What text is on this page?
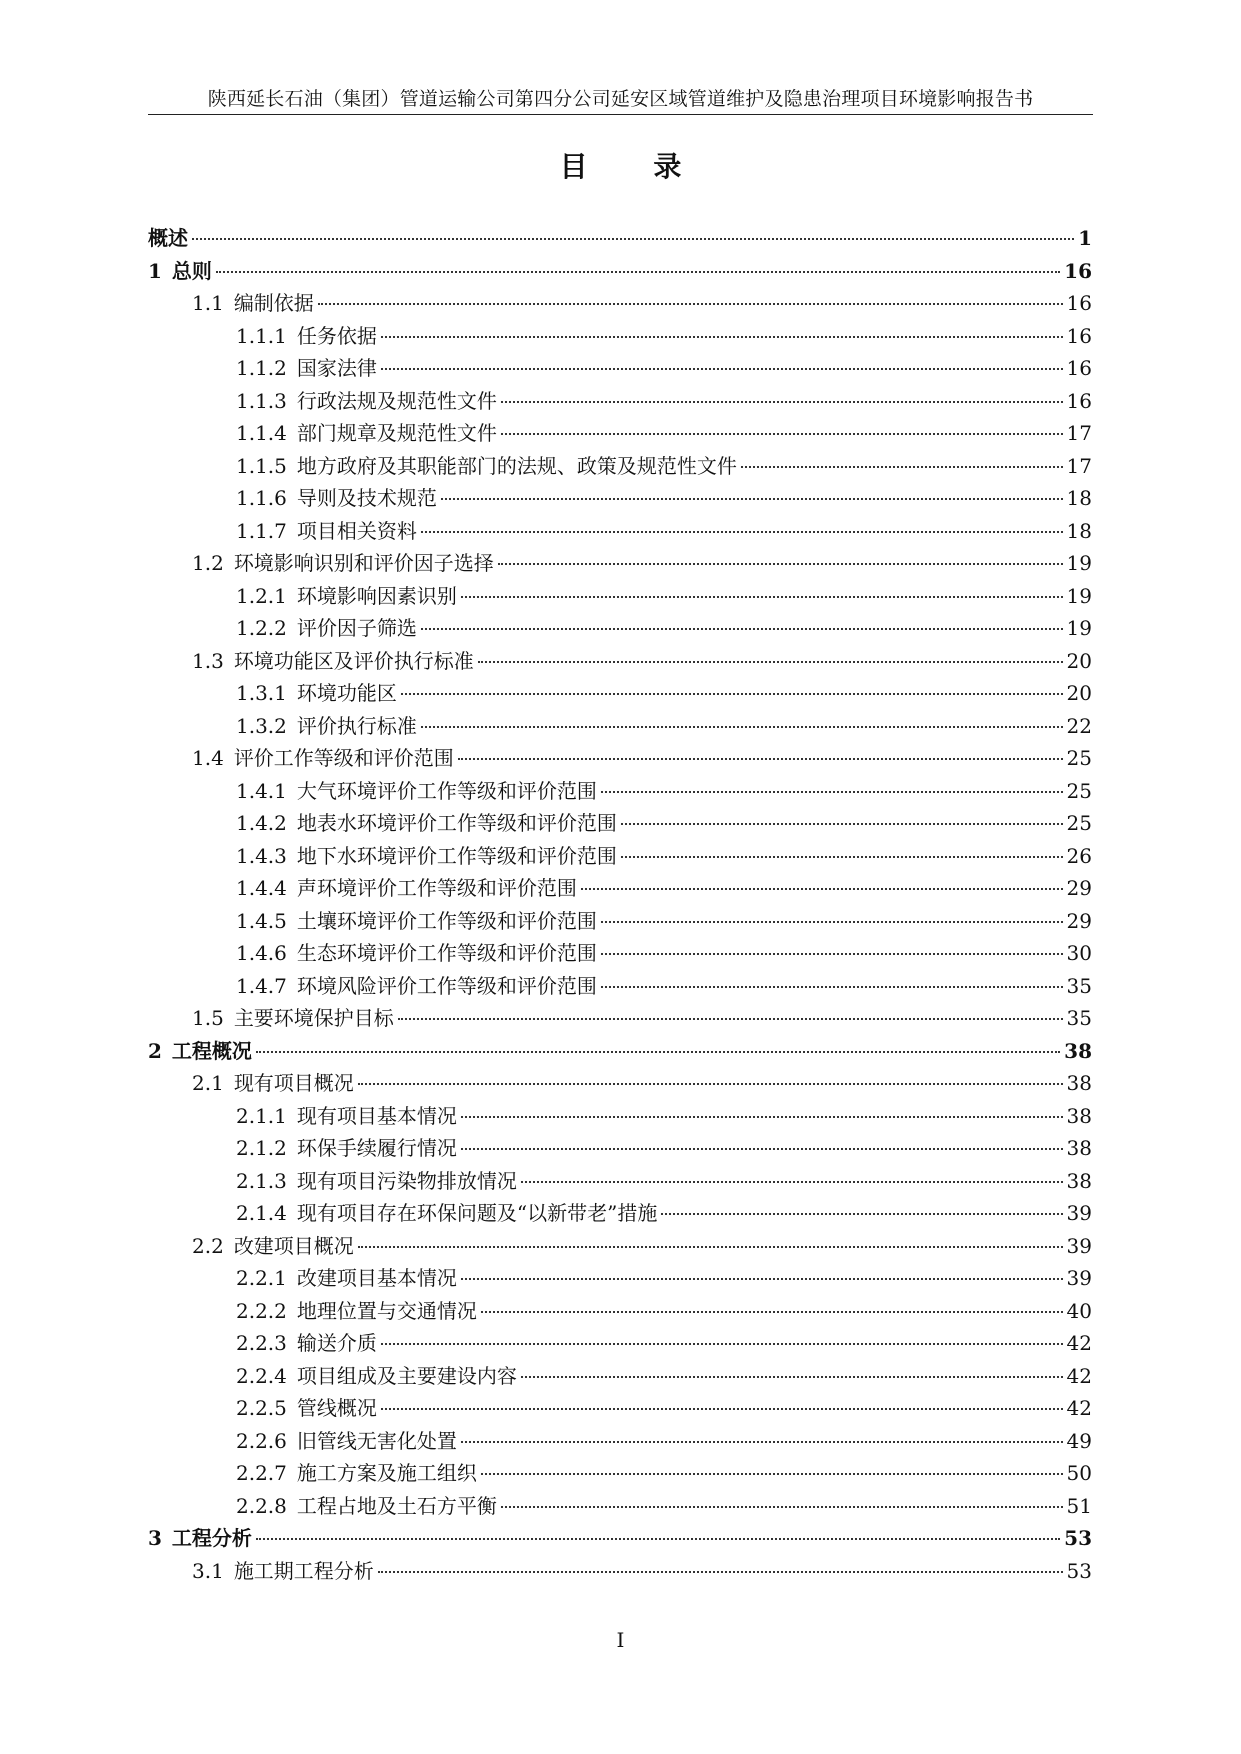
陕西延长石油（集团）管道运输公司第四分公司延安区域管道维护及隐患治理项目环境影响报告书
目 录
概述	1
1 总则	16
1.1 编制依据	16
1.1.1 任务依据	16
1.1.2 国家法律	16
1.1.3 行政法规及规范性文件	16
1.1.4 部门规章及规范性文件	17
1.1.5 地方政府及其职能部门的法规、政策及规范性文件	17
1.1.6 导则及技术规范	18
1.1.7 项目相关资料	18
1.2 环境影响识别和评价因子选择	19
1.2.1 环境影响因素识别	19
1.2.2 评价因子筛选	19
1.3 环境功能区及评价执行标准	20
1.3.1 环境功能区	20
1.3.2 评价执行标准	22
1.4 评价工作等级和评价范围	25
1.4.1 大气环境评价工作等级和评价范围	25
1.4.2 地表水环境评价工作等级和评价范围	25
1.4.3 地下水环境评价工作等级和评价范围	26
1.4.4 声环境评价工作等级和评价范围	29
1.4.5 土壤环境评价工作等级和评价范围	29
1.4.6 生态环境评价工作等级和评价范围	30
1.4.7 环境风险评价工作等级和评价范围	35
1.5 主要环境保护目标	35
2 工程概况	38
2.1 现有项目概况	38
2.1.1 现有项目基本情况	38
2.1.2 环保手续履行情况	38
2.1.3 现有项目污染物排放情况	38
2.1.4 现有项目存在环保问题及“以新带老”措施	39
2.2 改建项目概况	39
2.2.1 改建项目基本情况	39
2.2.2 地理位置与交通情况	40
2.2.3 输送介质	42
2.2.4 项目组成及主要建设内容	42
2.2.5 管线概况	42
2.2.6 旧管线无害化处置	49
2.2.7 施工方案及施工组织	50
2.2.8 工程占地及土石方平衡	51
3 工程分析	53
3.1 施工期工程分析	53
I
